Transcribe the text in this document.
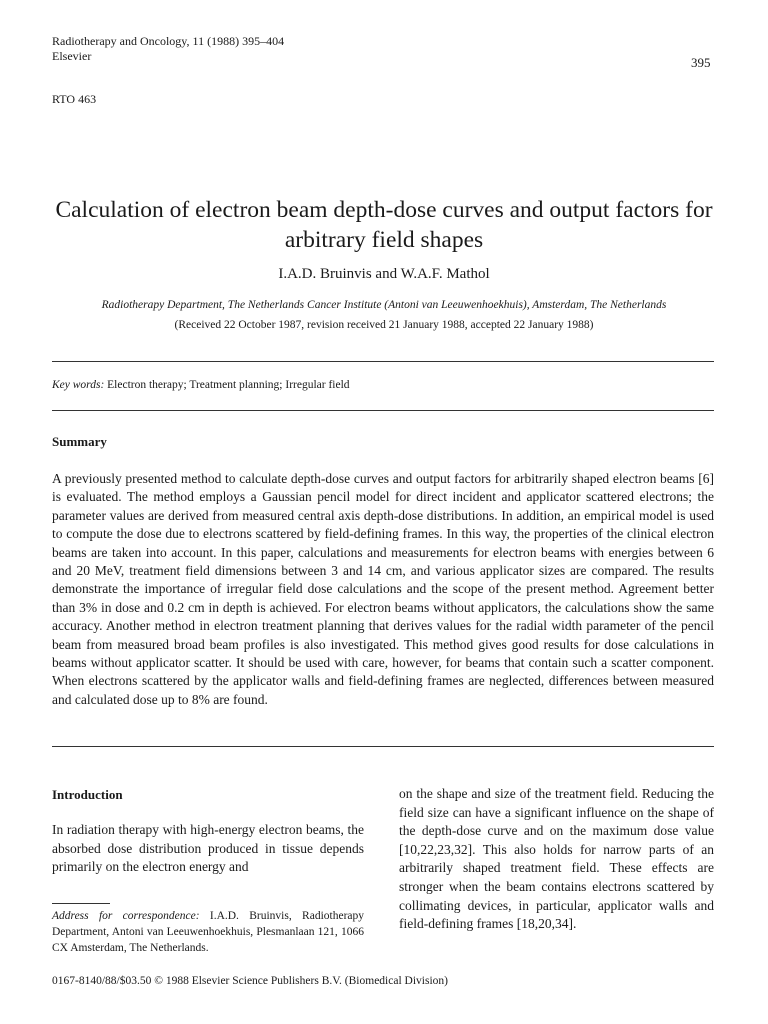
Radiotherapy and Oncology, 11 (1988) 395–404
Elsevier	395
RTO 463
Calculation of electron beam depth-dose curves and output factors for arbitrary field shapes
I.A.D. Bruinvis and W.A.F. Mathol
Radiotherapy Department, The Netherlands Cancer Institute (Antoni van Leeuwenhoekhuis), Amsterdam, The Netherlands
(Received 22 October 1987, revision received 21 January 1988, accepted 22 January 1988)
Key words: Electron therapy; Treatment planning; Irregular field
Summary
A previously presented method to calculate depth-dose curves and output factors for arbitrarily shaped electron beams [6] is evaluated. The method employs a Gaussian pencil model for direct incident and applicator scattered electrons; the parameter values are derived from measured central axis depth-dose distributions. In addition, an empirical model is used to compute the dose due to electrons scattered by field-defining frames. In this way, the properties of the clinical electron beams are taken into account. In this paper, calculations and measurements for electron beams with energies between 6 and 20 MeV, treatment field dimensions between 3 and 14 cm, and various applicator sizes are compared. The results demonstrate the importance of irregular field dose calculations and the scope of the present method. Agreement better than 3% in dose and 0.2 cm in depth is achieved. For electron beams without applicators, the calculations show the same accuracy. Another method in electron treatment planning that derives values for the radial width parameter of the pencil beam from measured broad beam profiles is also investigated. This method gives good results for dose calculations in beams without applicator scatter. It should be used with care, however, for beams that contain such a scatter component. When electrons scattered by the applicator walls and field-defining frames are neglected, differences between measured and calculated dose up to 8% are found.
Introduction
In radiation therapy with high-energy electron beams, the absorbed dose distribution produced in tissue depends primarily on the electron energy and
on the shape and size of the treatment field. Reducing the field size can have a significant influence on the shape of the depth-dose curve and on the maximum dose value [10,22,23,32]. This also holds for narrow parts of an arbitrarily shaped treatment field. These effects are stronger when the beam contains electrons scattered by collimating devices, in particular, applicator walls and field-defining frames [18,20,34].
Address for correspondence: I.A.D. Bruinvis, Radiotherapy Department, Antoni van Leeuwenhoekhuis, Plesmanlaan 121, 1066 CX Amsterdam, The Netherlands.
0167-8140/88/$03.50 © 1988 Elsevier Science Publishers B.V. (Biomedical Division)
